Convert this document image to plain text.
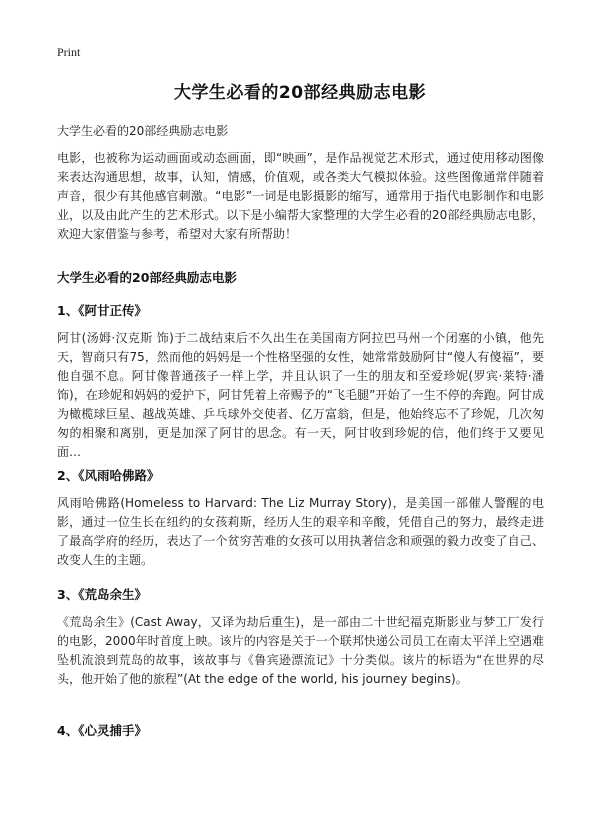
Print
大学生必看的20部经典励志电影
大学生必看的20部经典励志电影

电影，也被称为运动画面或动态画面，即“映画”，是作品视觉艺术形式，通过使用移动图像来表达沟通思想，故事，认知，情感，价值观，或各类大气模拟体验。这些图像通常伴随着声音，很少有其他感官刺激。“电影”一词是电影摄影的缩写，通常用于指代电影制作和电影业，以及由此产生的艺术形式。以下是小编帮大家整理的大学生必看的20部经典励志电影，欢迎大家借鉴与参考，希望对大家有所帮助！

大学生必看的20部经典励志电影
1、《阿甘正传》

阿甘(汤姆·汉克斯 饰)于二战结束后不久出生在美国南方阿拉巴马州一个闭塞的小镇，他先天，智商只有75，然而他的妈妈是一个性格坚强的女性，她常常鼓励阿甘“傻人有傻福”，要他自强不息。阿甘像普通孩子一样上学，并且认识了一生的朋友和至爱珍妮(罗宾·莱特·潘 饰)，在珍妮和妈妈的爱护下，阿甘凭着上帝赐予的“飞毛腿”开始了一生不停的奔跑。阿甘成为橄榄球巨星、越战英雄、乒乓球外交使者、亿万富翁，但是，他始终忘不了珍妮，几次匆匆的相聚和离别，更是加深了阿甘的思念。有一天，阿甘收到珍妮的信，他们终于又要见面…

2、《风雨哈佛路》

风雨哈佛路(Homeless to Harvard: The Liz Murray Story)，是美国一部催人警醒的电影，通过一位生长在纽约的女孩莉斯，经历人生的艰辛和辛酸，凭借自己的努力，最终走进了最高学府的经历，表达了一个贫穷苦难的女孩可以用执著信念和顽强的毅力改变了自己、改变人生的主题。

3、《荒岛余生》

《荒岛余生》(Cast Away，又译为劫后重生)，是一部由二十世纪福克斯影业与梦工厂发行的电影，2000年时首度上映。该片的内容是关于一个联邦快递公司员工在南太平洋上空遇难坠机流浪到荒岛的故事，该故事与《鲁宾逊漂流记》十分类似。该片的标语为“在世界的尽头，他开始了他的旅程”(At the edge of the world, his journey begins)。

4、《心灵捕手》
